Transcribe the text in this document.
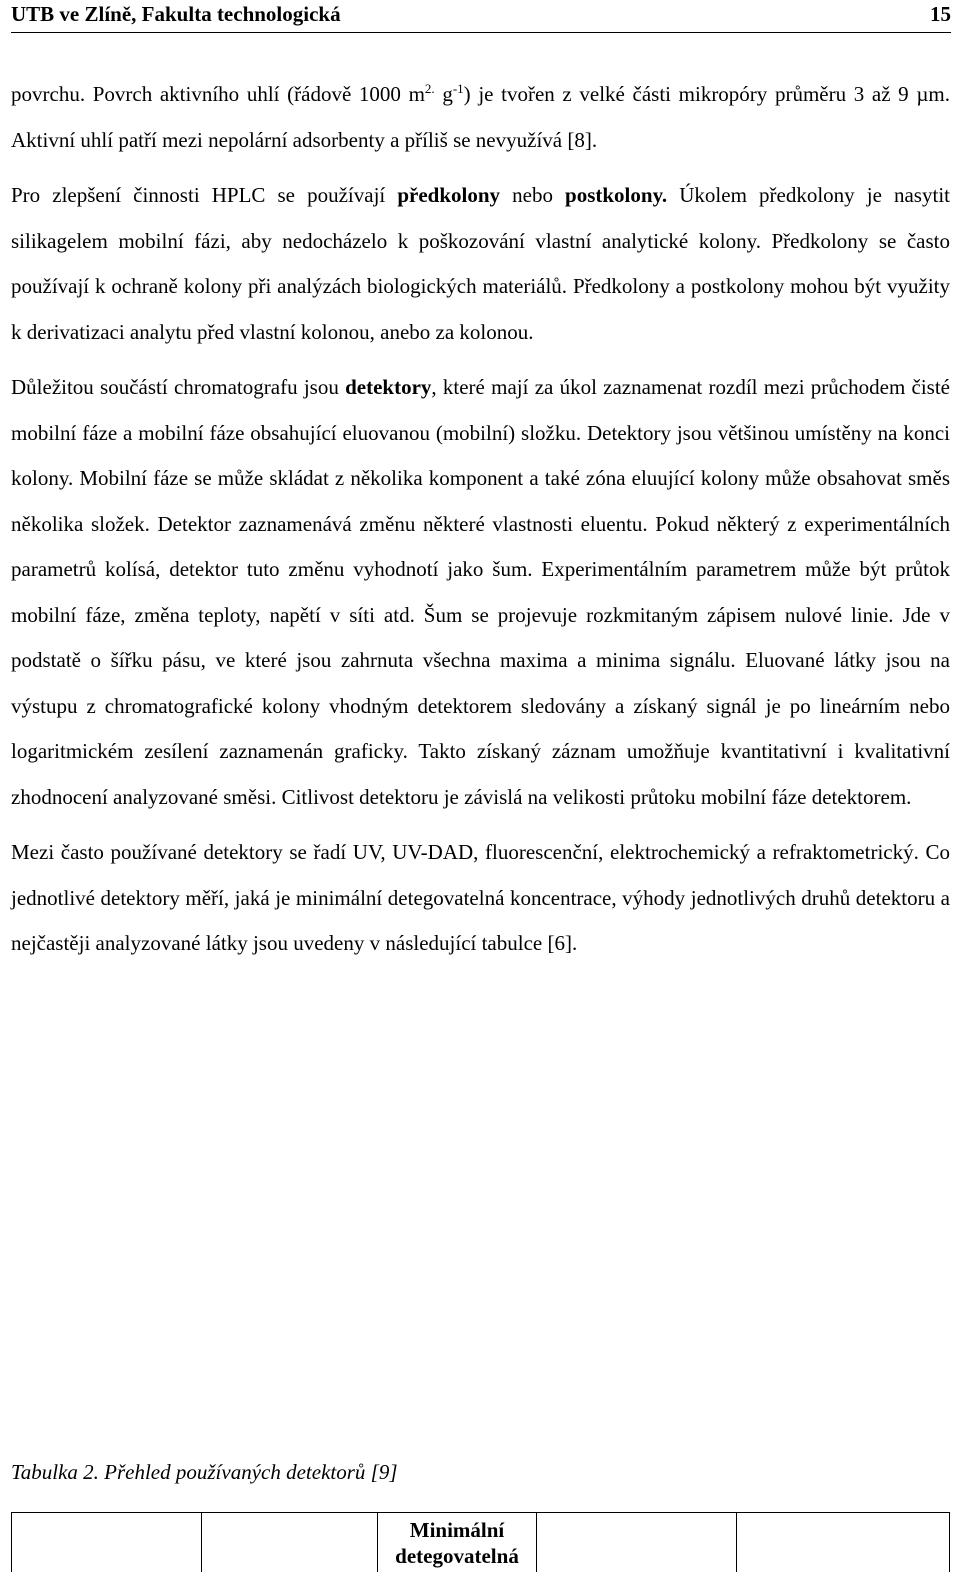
UTB ve Zlíně, Fakulta technologická	15

povrchu. Povrch aktivního uhlí (řádově 1000 $m^{2.}$ $g^{-1}$) je tvořen z velké části mikropóry průměru 3 až 9 µm. Aktivní uhlí patří mezi nepolární adsorbenty a příliš se nevyužívá [8].

Pro zlepšení činnosti HPLC se používají předkolony nebo postkolony. Úkolem předkolony je nasytit silikagelem mobilní fázi, aby nedocházelo k poškozování vlastní analytické kolony. Předkolony se často používají k ochraně kolony při analýzách biologických materiálů. Předkolony a postkolony mohou být využity k derivatizaci analytu před vlastní kolonou, anebo za kolonou.

Důležitou součástí chromatografu jsou detektory, které mají za úkol zaznamenat rozdíl mezi průchodem čisté mobilní fáze a mobilní fáze obsahující eluovanou (mobilní) složku. Detektory jsou většinou umístěny na konci kolony. Mobilní fáze se může skládat z několika komponent a také zóna eluující kolony může obsahovat směs několika složek. Detektor zaznamenává změnu některé vlastnosti eluentu. Pokud některý z experimentálních parametrů kolísá, detektor tuto změnu vyhodnotí jako šum. Experimentálním parametrem může být průtok mobilní fáze, změna teploty, napětí v síti atd. Šum se projevuje rozkmitaným zápisem nulové linie. Jde v podstatě o šířku pásu, ve které jsou zahrnuta všechna maxima a minima signálu. Eluované látky jsou na výstupu z chromatografické kolony vhodným detektorem sledovány a získaný signál je po lineárním nebo logaritmickém zesílení zaznamenán graficky. Takto získaný záznam umožňuje kvantitativní i kvalitativní zhodnocení analyzované směsi. Citlivost detektoru je závislá na velikosti průtoku mobilní fáze detektorem.

Mezi často používané detektory se řadí UV, UV-DAD, fluorescenční, elektrochemický a refraktometrický. Co jednotlivé detektory měří, jaká je minimální detegovatelná koncentrace, výhody jednotlivých druhů detektoru a nejčastěji analyzované látky jsou uvedeny v následující tabulce [6].

Tabulka 2. Přehled používaných detektorů [9]
		Minimální detegovatelná		
